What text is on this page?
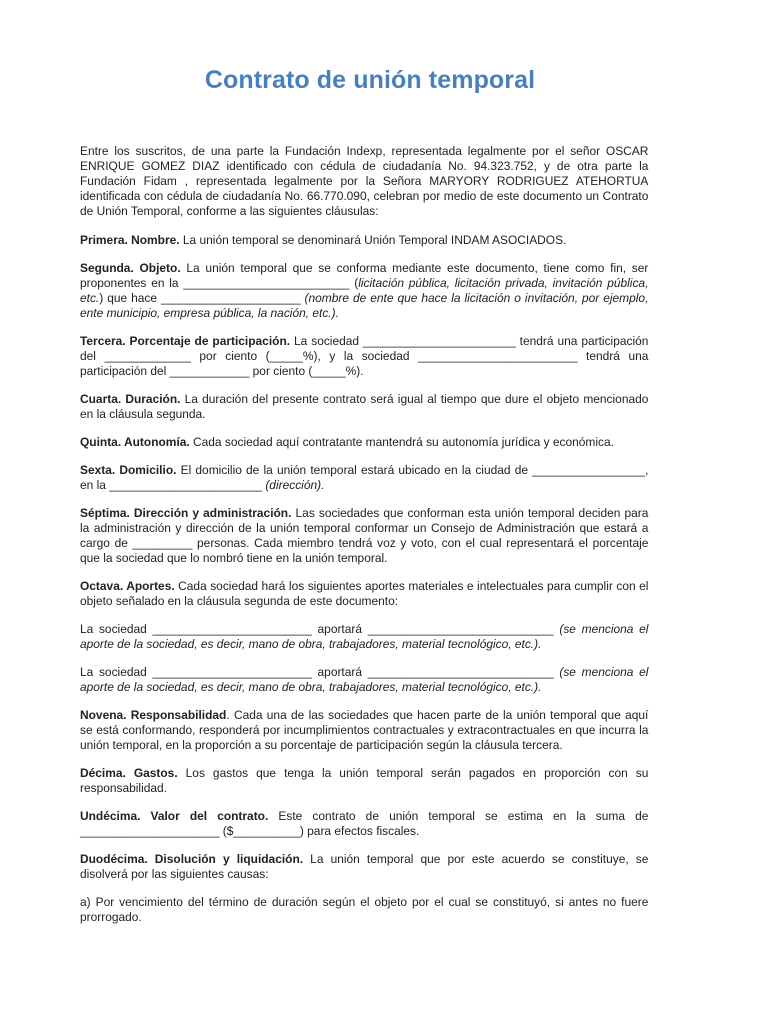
Contrato de unión temporal

Entre los suscritos, de una parte la Fundación Indexp, representada legalmente por el señor OSCAR ENRIQUE GOMEZ DIAZ identificado con cédula de ciudadanía No. 94.323.752, y de otra parte la Fundación Fidam , representada legalmente por la Señora MARYORY RODRIGUEZ ATEHORTUA identificada con cédula de ciudadanía No. 66.770.090, celebran por medio de este documento un Contrato de Unión Temporal, conforme a las siguientes cláusulas:

Primera. Nombre. La unión temporal se denominará Unión Temporal INDAM ASOCIADOS.

Segunda. Objeto. La unión temporal que se conforma mediante este documento, tiene como fin, ser proponentes en la _________________________ (licitación pública, licitación privada, invitación pública, etc.) que hace _____________________ (nombre de ente que hace la licitación o invitación, por ejemplo, ente municipio, empresa pública, la nación, etc.).

Tercera. Porcentaje de participación. La sociedad _______________________ tendrá una participación del _____________ por ciento (_____%), y la sociedad ________________________ tendrá una participación del ____________ por ciento (_____%).

Cuarta. Duración. La duración del presente contrato será igual al tiempo que dure el objeto mencionado en la cláusula segunda.

Quinta. Autonomía. Cada sociedad aquí contratante mantendrá su autonomía jurídica y económica.

Sexta. Domicilio. El domicilio de la unión temporal estará ubicado en la ciudad de _________________, en la _______________________ (dirección).

Séptima. Dirección y administración. Las sociedades que conforman esta unión temporal deciden para la administración y dirección de la unión temporal conformar un Consejo de Administración que estará a cargo de _________ personas. Cada miembro tendrá voz y voto, con el cual representará el porcentaje que la sociedad que lo nombró tiene en la unión temporal.

Octava. Aportes. Cada sociedad hará los siguientes aportes materiales e intelectuales para cumplir con el objeto señalado en la cláusula segunda de este documento:

La sociedad ________________________ aportará ____________________________ (se menciona el aporte de la sociedad, es decir, mano de obra, trabajadores, material tecnológico, etc.).

La sociedad ________________________ aportará ____________________________ (se menciona el aporte de la sociedad, es decir, mano de obra, trabajadores, material tecnológico, etc.).

Novena. Responsabilidad. Cada una de las sociedades que hacen parte de la unión temporal que aquí se está conformando, responderá por incumplimientos contractuales y extracontractuales en que incurra la unión temporal, en la proporción a su porcentaje de participación según la cláusula tercera.

Décima. Gastos. Los gastos que tenga la unión temporal serán pagados en proporción con su responsabilidad.

Undécima. Valor del contrato. Este contrato de unión temporal se estima en la suma de _____________________ ($__________) para efectos fiscales.

Duodécima. Disolución y liquidación. La unión temporal que por este acuerdo se constituye, se disolverá por las siguientes causas:

a) Por vencimiento del término de duración según el objeto por el cual se constituyó, si antes no fuere prorrogado.
